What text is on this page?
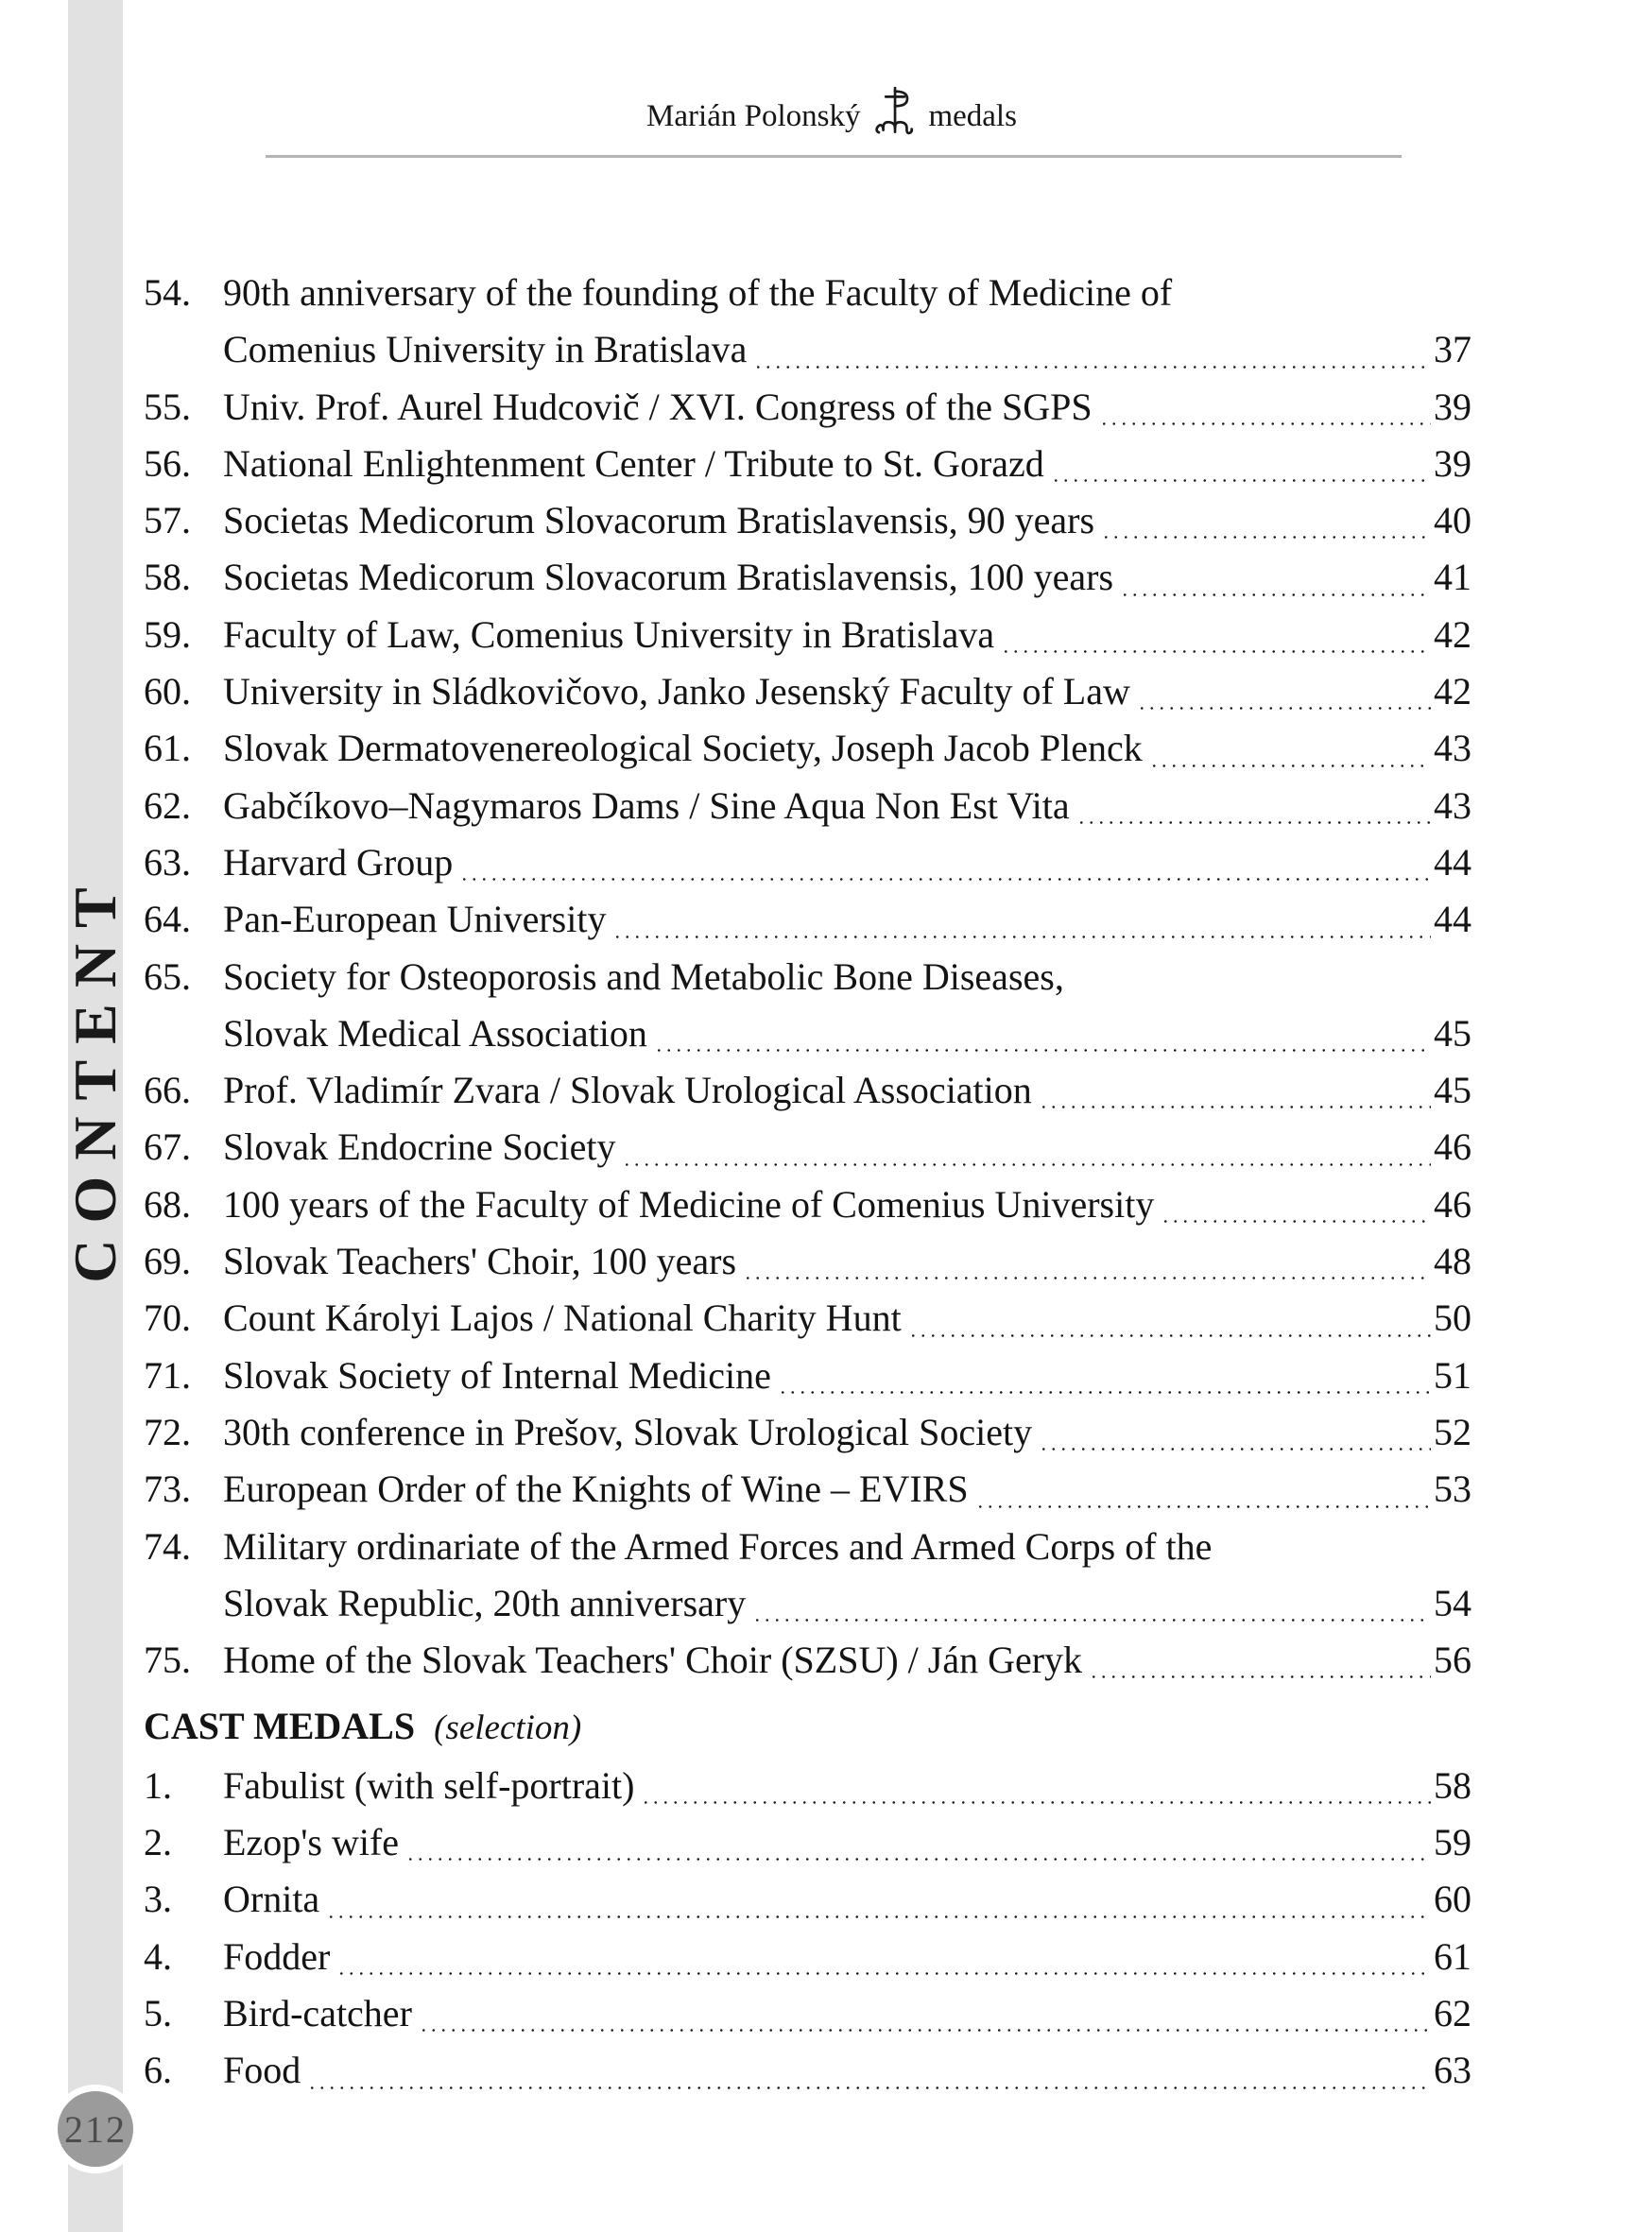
CONTENT
Marián Polonský medals
54. 90th anniversary of the founding of the Faculty of Medicine of
Comenius University in Bratislava	37
55. Univ. Prof. Aurel Hudcovič / XVI. Congress of the SGPS	39
56. National Enlightenment Center / Tribute to St. Gorazd	39
57. Societas Medicorum Slovacorum Bratislavensis, 90 years	40
58. Societas Medicorum Slovacorum Bratislavensis, 100 years	41
59. Faculty of Law, Comenius University in Bratislava	42
60. University in Sládkovičovo, Janko Jesenský Faculty of Law	42
61. Slovak Dermatovenereological Society, Joseph Jacob Plenck	43
62. Gabčíkovo–Nagymaros Dams / Sine Aqua Non Est Vita	43
63. Harvard Group	44
64. Pan-European University	44
65. Society for Osteoporosis and Metabolic Bone Diseases,
Slovak Medical Association	45
66. Prof. Vladimír Zvara / Slovak Urological Association	45
67. Slovak Endocrine Society	46
68. 100 years of the Faculty of Medicine of Comenius University	46
69. Slovak Teachers' Choir, 100 years	48
70. Count Károlyi Lajos / National Charity Hunt	50
71. Slovak Society of Internal Medicine	51
72. 30th conference in Prešov, Slovak Urological Society	52
73. European Order of the Knights of Wine – EVIRS	53
74. Military ordinariate of the Armed Forces and Armed Corps of the
Slovak Republic, 20th anniversary	54
75. Home of the Slovak Teachers' Choir (SZSU) / Ján Geryk	56
CAST MEDALS (selection)
1.	Fabulist (with self-portrait)	58
2.	Ezop's wife	59
3.	Ornita	60
4.	Fodder	61
5.	Bird-catcher	62
6.	Food	63
212
